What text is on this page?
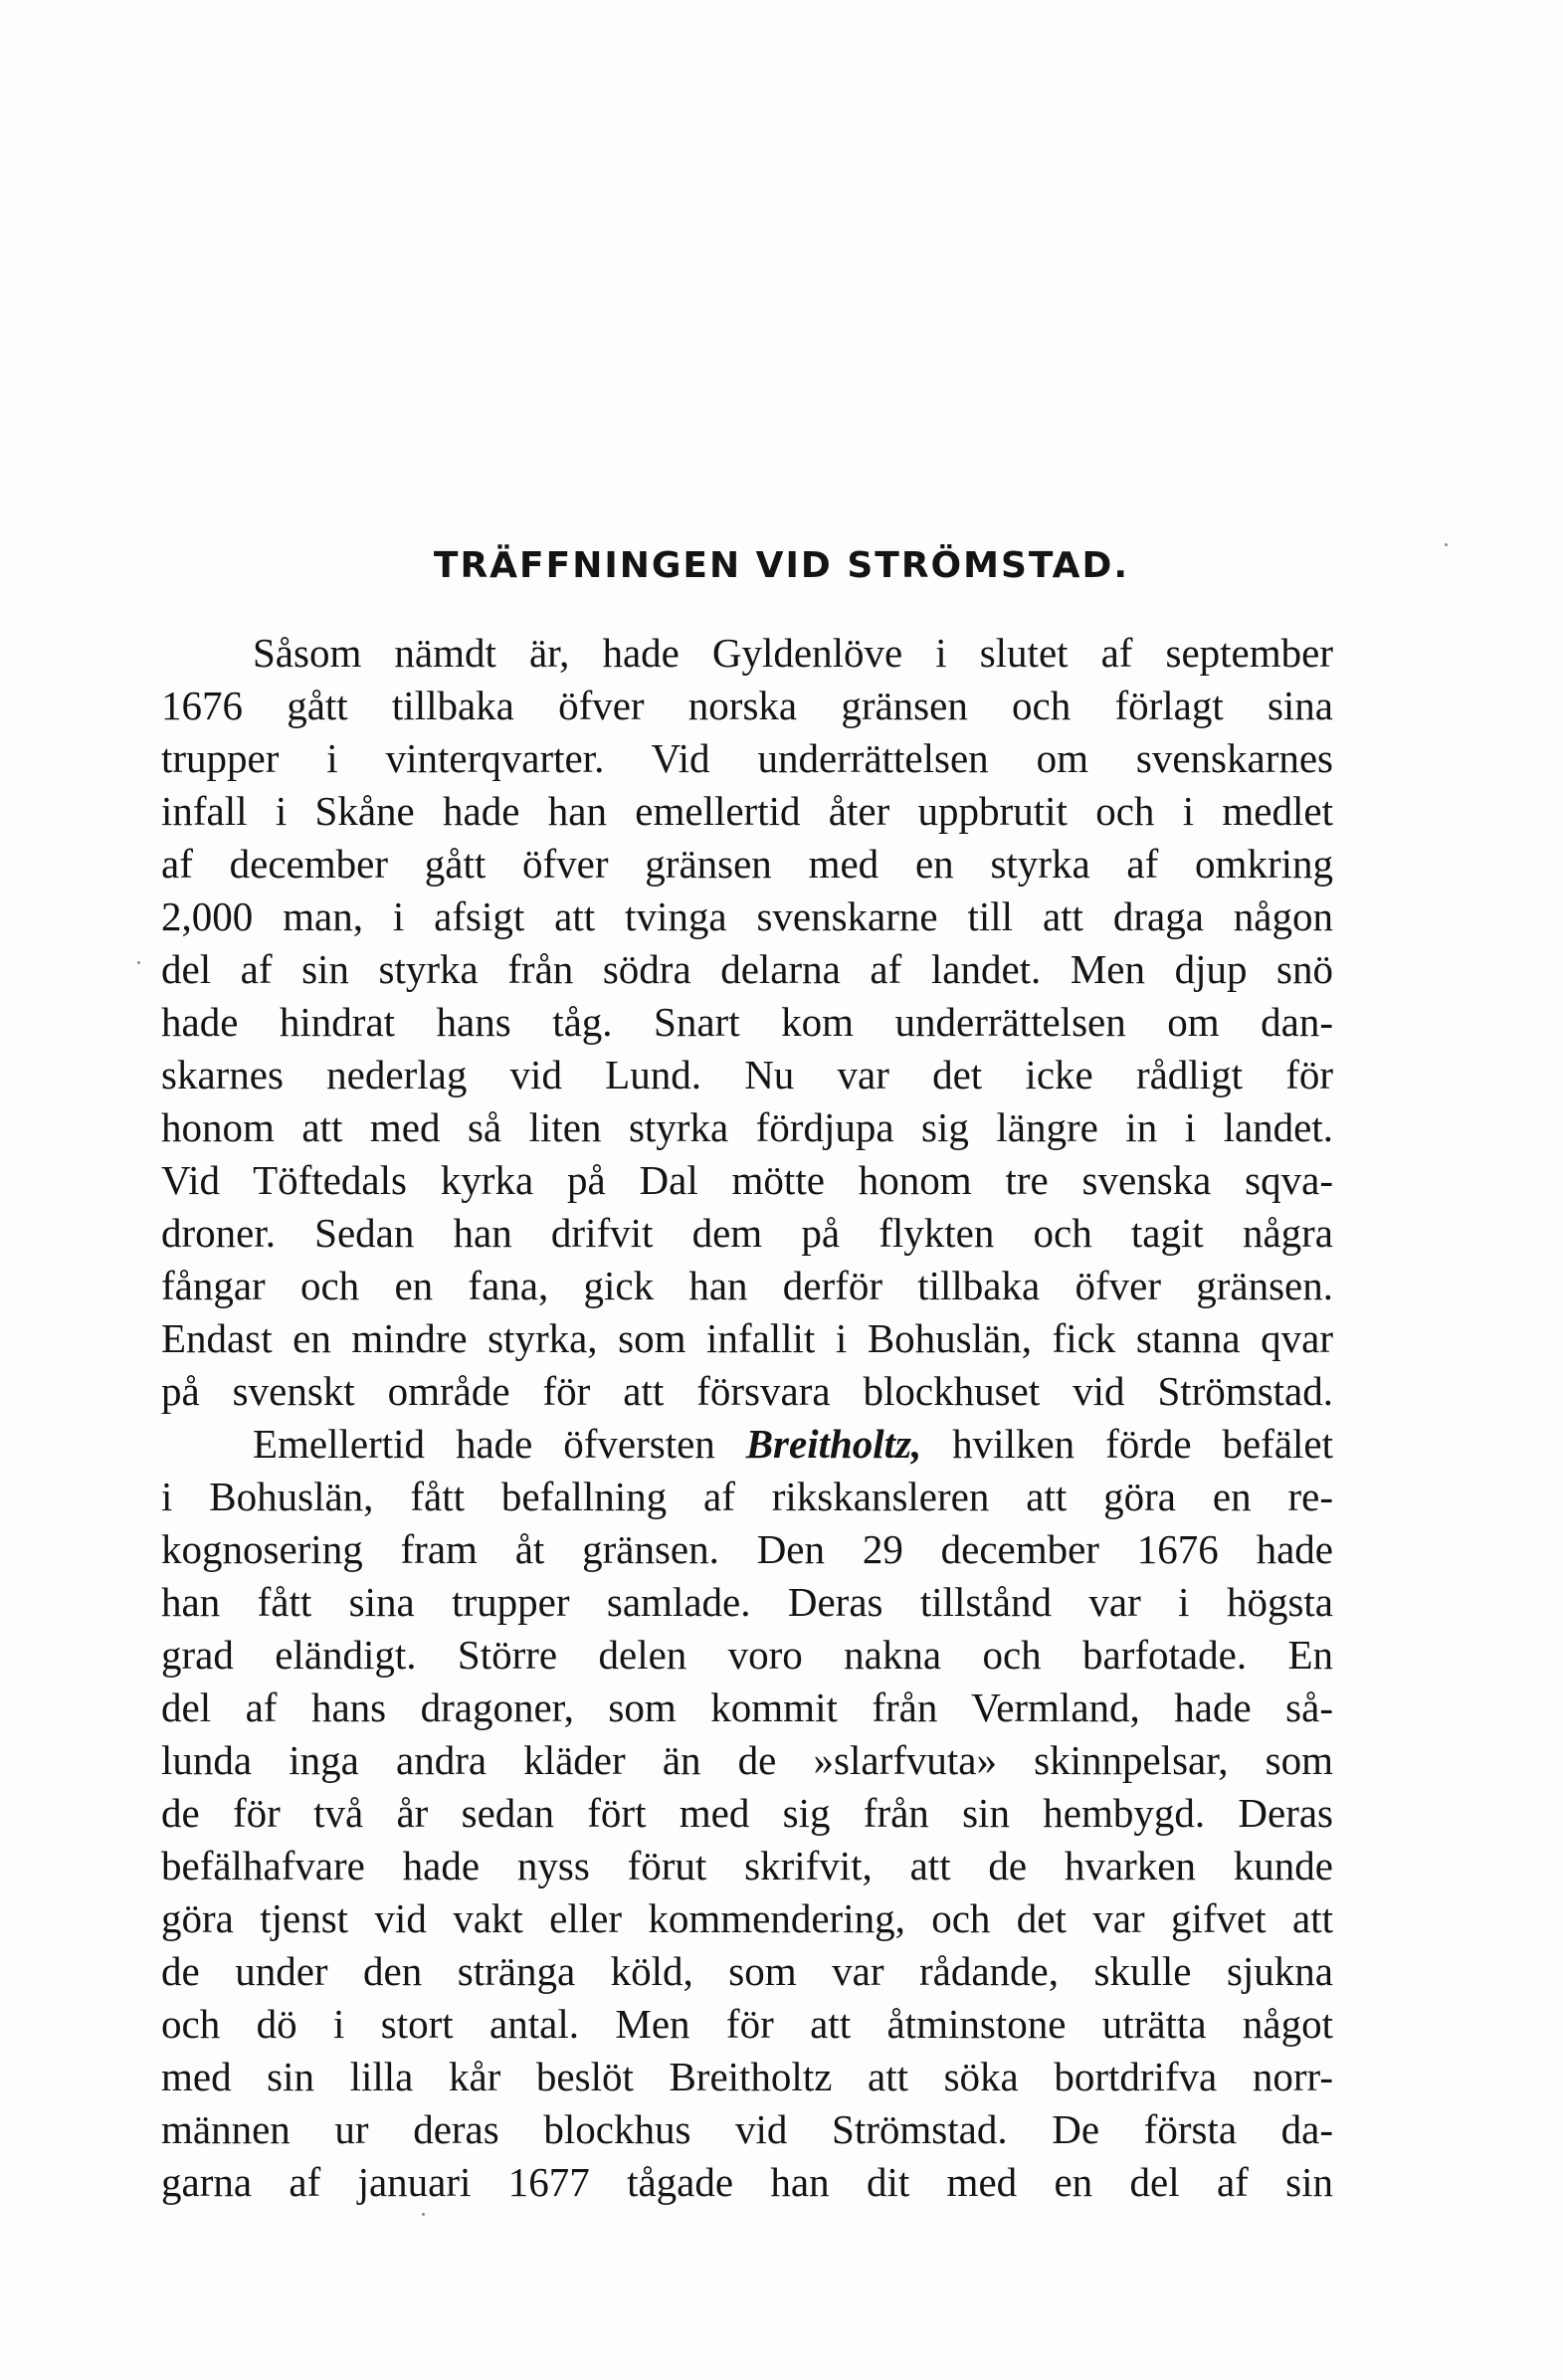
TRÄFFNINGEN VID STRÖMSTAD.
Såsom nämdt är, hade Gyldenlöve i slutet af september
1676 gått tillbaka öfver norska gränsen och förlagt sina
trupper i vinterqvarter. Vid underrättelsen om svenskarnes
infall i Skåne hade han emellertid åter uppbrutit och i medlet
af december gått öfver gränsen med en styrka af omkring
2,000 man, i afsigt att tvinga svenskarne till att draga någon
del af sin styrka från södra delarna af landet. Men djup snö
hade hindrat hans tåg. Snart kom underrättelsen om dan-
skarnes nederlag vid Lund. Nu var det icke rådligt för
honom att med så liten styrka fördjupa sig längre in i landet.
Vid Töftedals kyrka på Dal mötte honom tre svenska sqva-
droner. Sedan han drifvit dem på flykten och tagit några
fångar och en fana, gick han derför tillbaka öfver gränsen.
Endast en mindre styrka, som infallit i Bohuslän, fick stanna qvar
på svenskt område för att försvara blockhuset vid Strömstad.
Emellertid hade öfversten Breitholtz, hvilken förde befälet
i Bohuslän, fått befallning af rikskansleren att göra en re-
kognosering fram åt gränsen. Den 29 december 1676 hade
han fått sina trupper samlade. Deras tillstånd var i högsta
grad eländigt. Större delen voro nakna och barfotade. En
del af hans dragoner, som kommit från Vermland, hade så-
lunda inga andra kläder än de »slarfvuta» skinnpelsar, som
de för två år sedan fört med sig från sin hembygd. Deras
befälhafvare hade nyss förut skrifvit, att de hvarken kunde
göra tjenst vid vakt eller kommendering, och det var gifvet att
de under den stränga köld, som var rådande, skulle sjukna
och dö i stort antal. Men för att åtminstone uträtta något
med sin lilla kår beslöt Breitholtz att söka bortdrifva norr-
männen ur deras blockhus vid Strömstad. De första da-
garna af januari 1677 tågade han dit med en del af sin
